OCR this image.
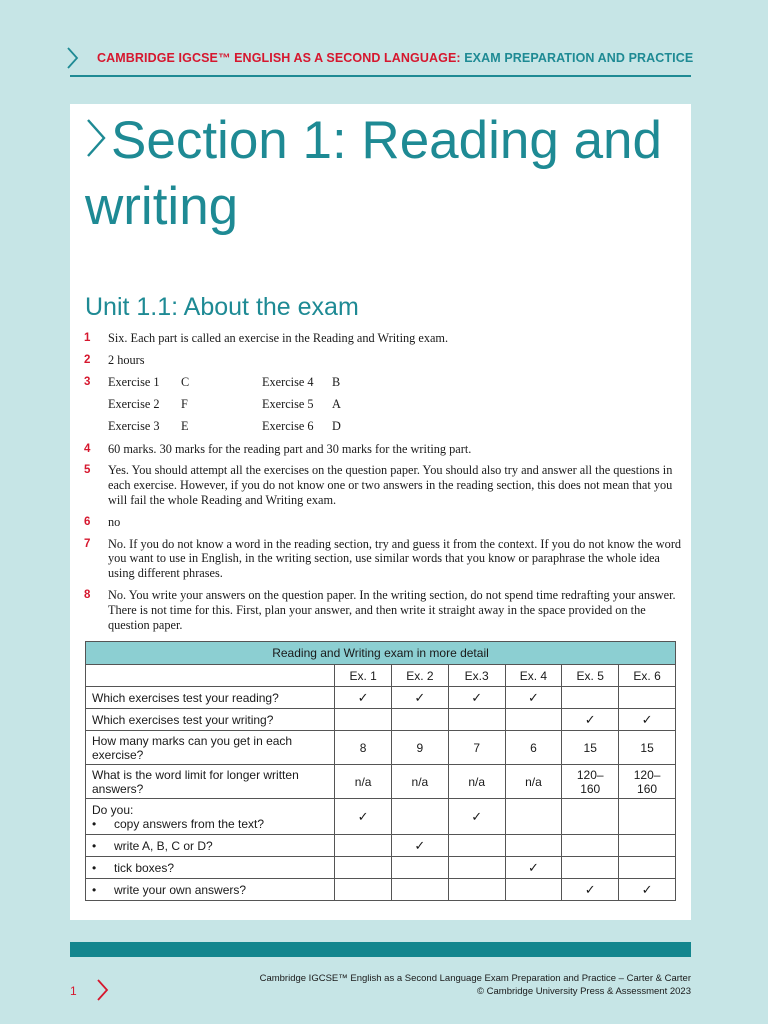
CAMBRIDGE IGCSE™ ENGLISH AS A SECOND LANGUAGE: EXAM PREPARATION AND PRACTICE
Section 1: Reading and writing
Unit 1.1: About the exam
1 Six. Each part is called an exercise in the Reading and Writing exam.
2 2 hours
3 Exercise 1	C	Exercise 4	B
Exercise 2	F	Exercise 5	A
Exercise 3	E	Exercise 6	D
4 60 marks. 30 marks for the reading part and 30 marks for the writing part.
5 Yes. You should attempt all the exercises on the question paper. You should also try and answer all the questions in each exercise. However, if you do not know one or two answers in the reading section, this does not mean that you will fail the whole Reading and Writing exam.
6 no
7 No. If you do not know a word in the reading section, try and guess it from the context. If you do not know the word you want to use in English, in the writing section, use similar words that you know or paraphrase the whole idea using different phrases.
8 No. You write your answers on the question paper. In the writing section, do not spend time redrafting your answer. There is not time for this. First, plan your answer, and then write it straight away in the space provided on the question paper.
Reading and Writing exam in more detail						
	Ex. 1	Ex. 2	Ex.3	Ex. 4	Ex. 5	Ex. 6
Which exercises test your reading?	✓	✓	✓	✓		
Which exercises test your writing?					✓	✓
How many marks can you get in each exercise?	8	9	7	6	15	15
What is the word limit for longer written answers?	n/a	n/a	n/a	n/a	120–160	120–160

Do you:
• copy answers from the text?	✓		✓			
• write A, B, C or D?		✓				
• tick boxes?				✓		
• write your own answers?					✓	✓
1
Cambridge IGCSE™ English as a Second Language Exam Preparation and Practice – Carter & Carter
© Cambridge University Press & Assessment 2023
